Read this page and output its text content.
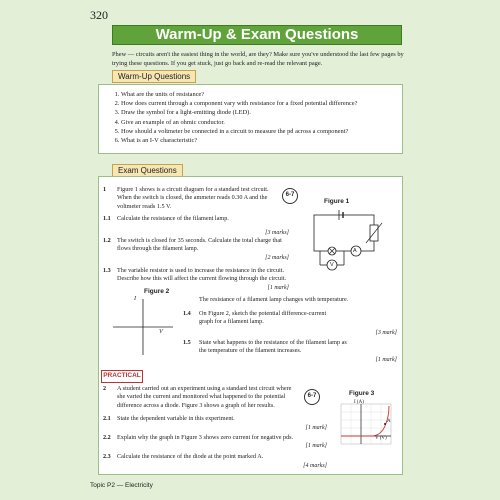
320
Warm-Up & Exam Questions
Phew — circuits aren't the easiest thing in the world, are they? Make sure you've understood the last few pages by trying these questions. If you get stuck, just go back and re-read the relevant page.
Warm-Up Questions
1. What are the units of resistance?
2. How does current through a component vary with resistance for a fixed potential difference?
3. Draw the symbol for a light-emitting diode (LED).
4. Give an example of an ohmic conductor.
5. How should a voltmeter be connected in a circuit to measure the pd across a component?
6. What is an I-V characteristic?
Exam Questions
1 Figure 1 shows is a circuit diagram for a standard test circuit. When the switch is closed, the ammeter reads 0.30 A and the voltmeter reads 1.5 V.
6-7
Figure 1
A
V
1.1 Calculate the resistance of the filament lamp.
[3 marks]
1.2 The switch is closed for 35 seconds. Calculate the total charge that flows through the filament lamp.
[2 marks]
1.3 The variable resistor is used to increase the resistance in the circuit. Describe how this will affect the current flowing through the circuit.
[1 mark]
Figure 2
I
V
The resistance of a filament lamp changes with temperature.
1.4 On Figure 2, sketch the potential difference-current graph for a filament lamp.
[3 mark]
1.5 State what happens to the resistance of the filament lamp as the temperature of the filament increases.
[1 mark]
PRACTICAL
2 A student carried out an experiment using a standard test circuit where she varied the current and monitored what happened to the potential difference across a diode. Figure 3 shows a graph of her results.
6-7	Figure 3
I (A)
V (V)
A
2.1 State the dependent variable in this experiment.
[1 mark]
2.2 Explain why the graph in Figure 3 shows zero current for negative pds.
[1 mark]
2.3 Calculate the resistance of the diode at the point marked A.
[4 marks]
Topic P2 — Electricity
